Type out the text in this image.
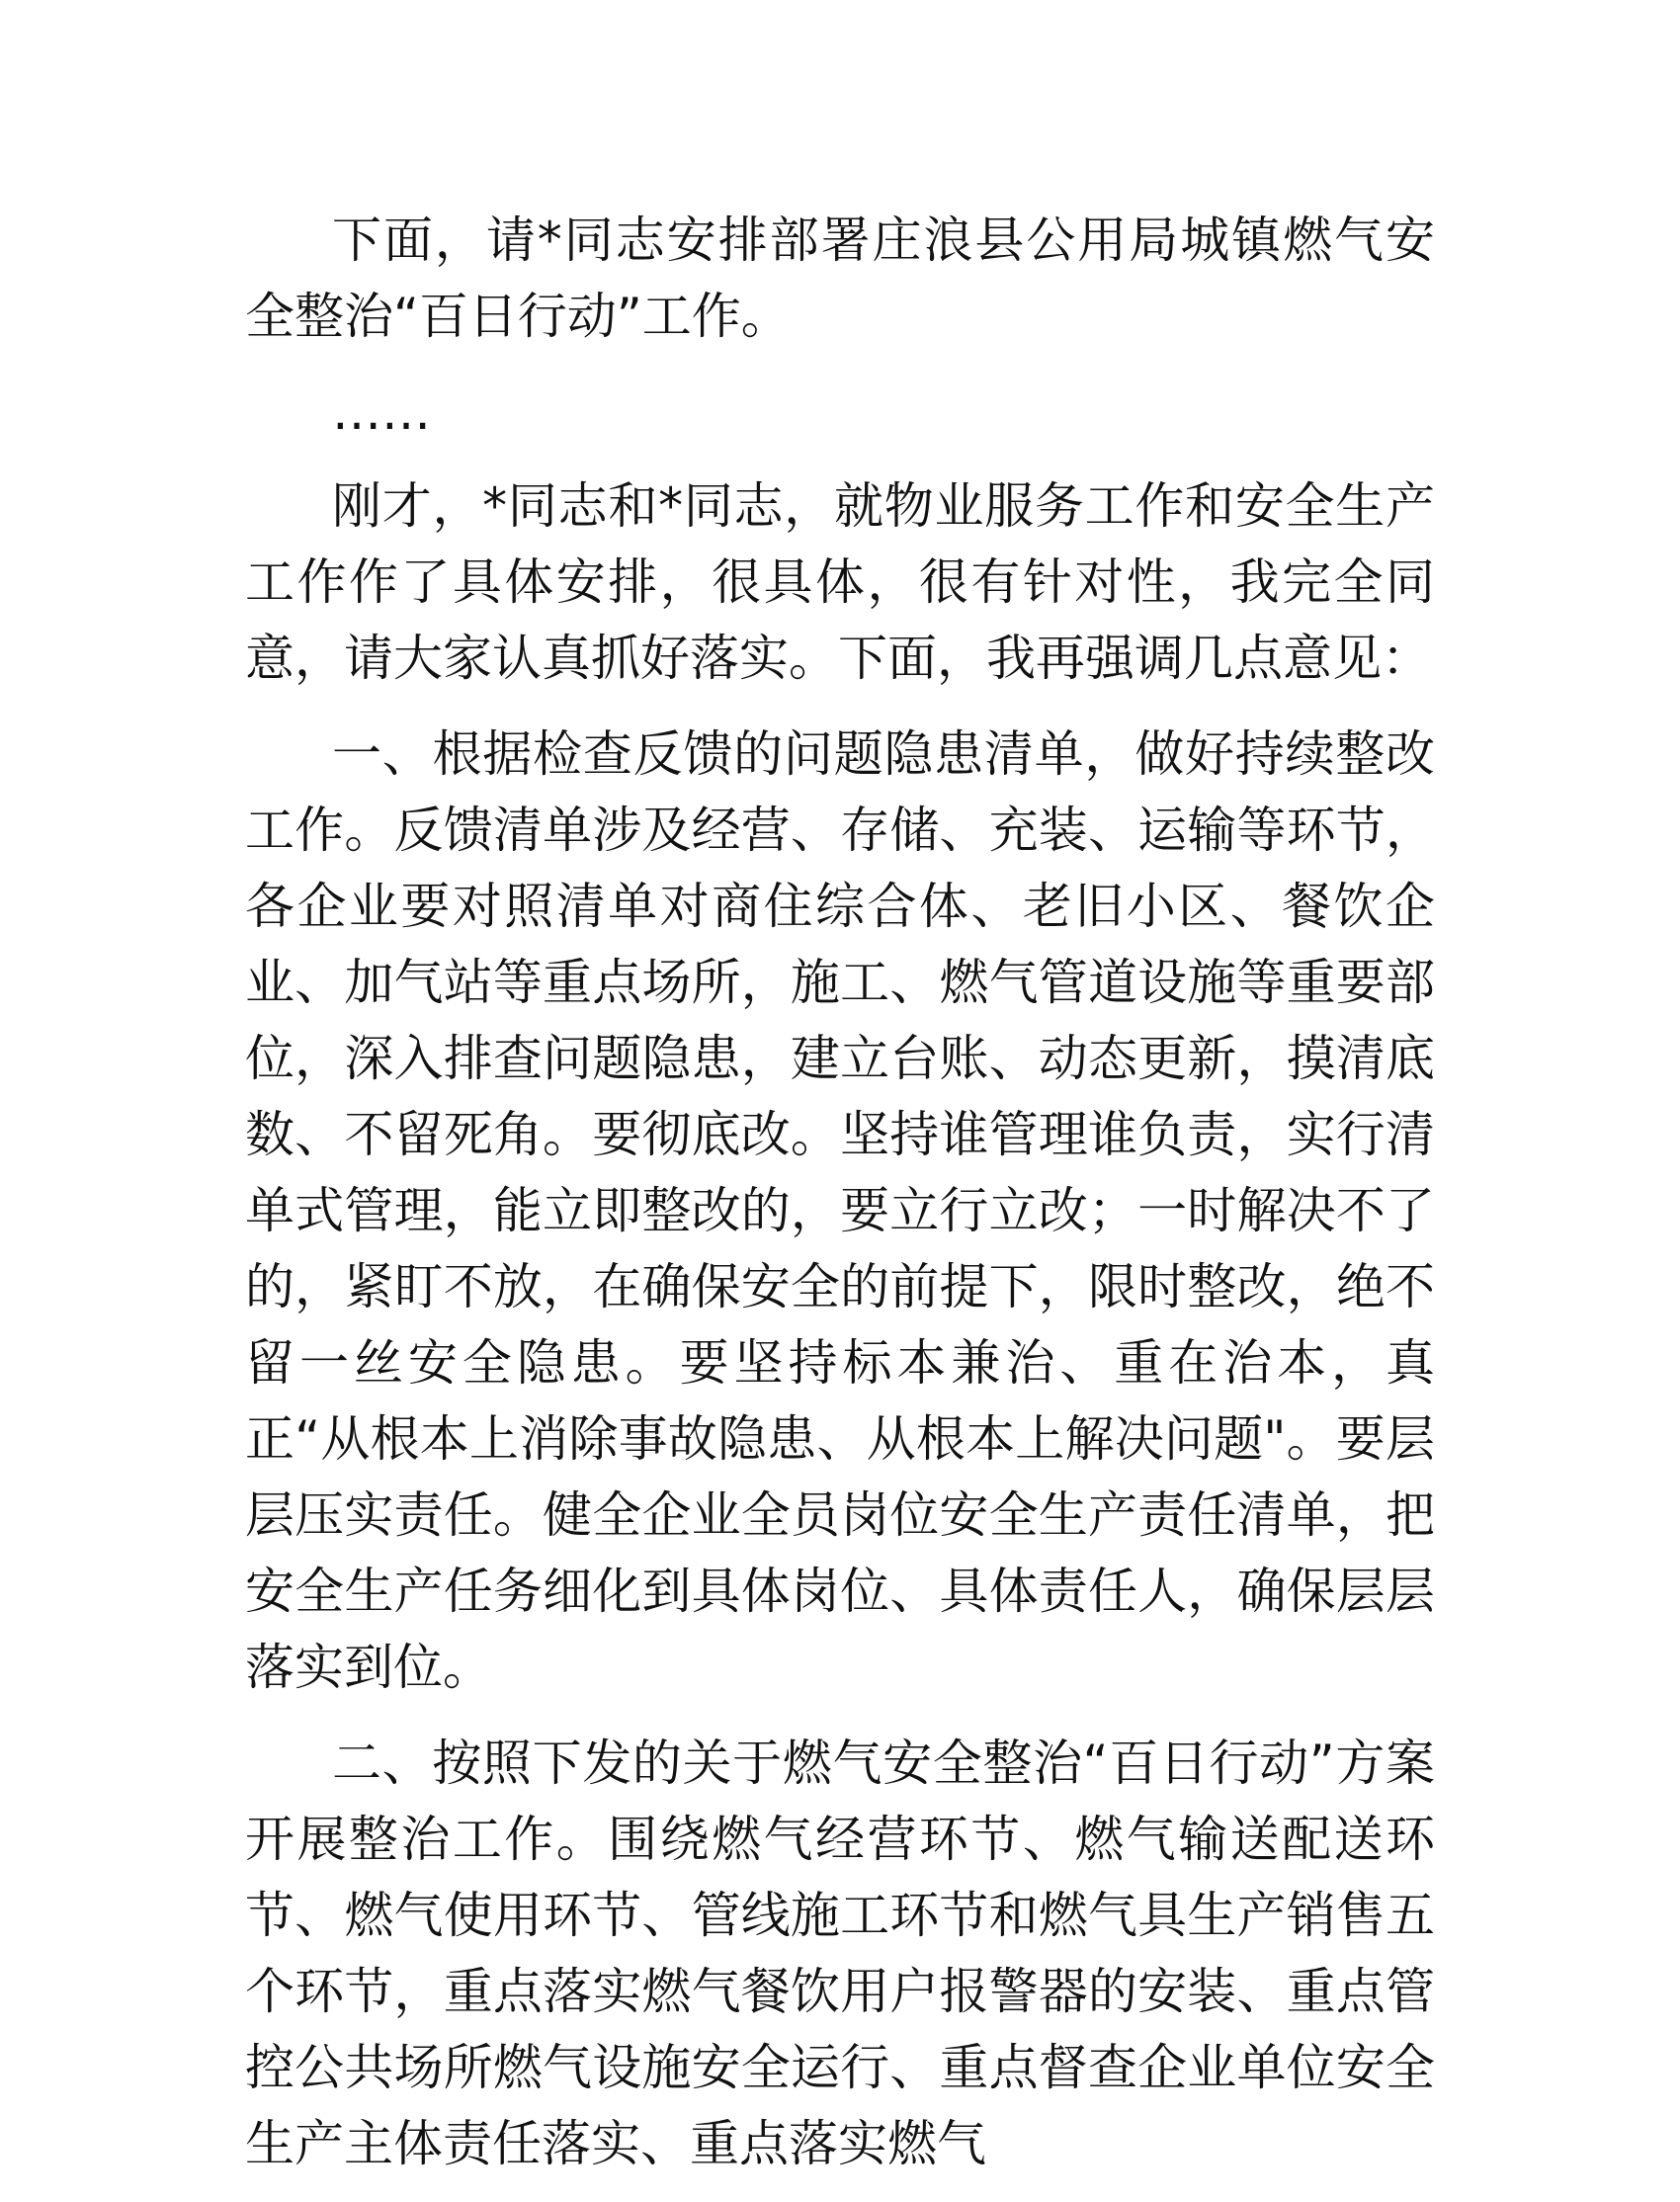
下面，请*同志安排部署庄浪县公用局城镇燃气安全整治“百日行动”工作。

……

刚才，*同志和*同志，就物业服务工作和安全生产工作作了具体安排，很具体，很有针对性，我完全同意，请大家认真抓好落实。下面，我再强调几点意见：

一、根据检查反馈的问题隐患清单，做好持续整改工作。反馈清单涉及经营、存储、充装、运输等环节，各企业要对照清单对商住综合体、老旧小区、餐饮企业、加气站等重点场所，施工、燃气管道设施等重要部位，深入排查问题隐患，建立台账、动态更新，摸清底数、不留死角。要彻底改。坚持谁管理谁负责，实行清单式管理，能立即整改的，要立行立改；一时解决不了的，紧盯不放，在确保安全的前提下，限时整改，绝不留一丝安全隐患。要坚持标本兼治、重在治本，真正“从根本上消除事故隐患、从根本上解决问题"。要层层压实责任。健全企业全员岗位安全生产责任清单，把安全生产任务细化到具体岗位、具体责任人，确保层层落实到位。

二、按照下发的关于燃气安全整治“百日行动”方案开展整治工作。围绕燃气经营环节、燃气输送配送环节、燃气使用环节、管线施工环节和燃气具生产销售五个环节，重点落实燃气餐饮用户报警器的安装、重点管控公共场所燃气设施安全运行、重点督查企业单位安全生产主体责任落实、重点落实燃气
